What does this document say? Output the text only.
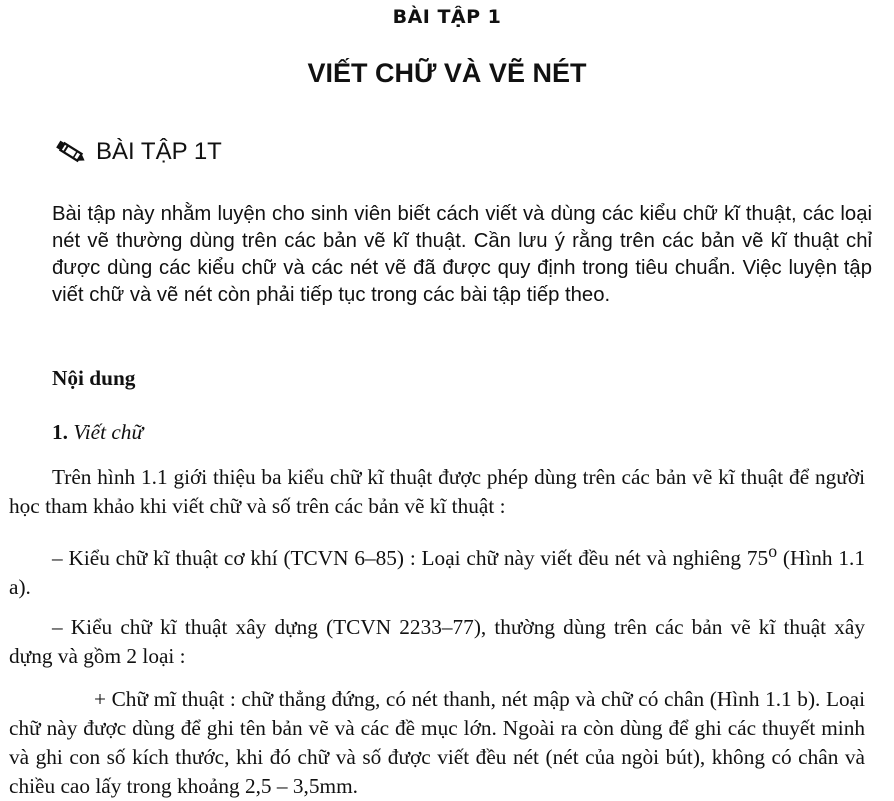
BÀI TẬP 1
VIẾT CHỮ VÀ VẼ NÉT
BÀI TẬP 1T

Bài tập này nhằm luyện cho sinh viên biết cách viết và dùng các kiểu chữ kĩ thuật, các loại nét vẽ thường dùng trên các bản vẽ kĩ thuật. Cần lưu ý rằng trên các bản vẽ kĩ thuật chỉ được dùng các kiểu chữ và các nét vẽ đã được quy định trong tiêu chuẩn. Việc luyện tập viết chữ và vẽ nét còn phải tiếp tục trong các bài tập tiếp theo.

Nội dung
1. Viết chữ

Trên hình 1.1 giới thiệu ba kiểu chữ kĩ thuật được phép dùng trên các bản vẽ kĩ thuật để người học tham khảo khi viết chữ và số trên các bản vẽ kĩ thuật :

– Kiểu chữ kĩ thuật cơ khí (TCVN 6–85) : Loại chữ này viết đều nét và nghiêng 75$^o$ (Hình 1.1 a).

– Kiểu chữ kĩ thuật xây dựng (TCVN 2233–77), thường dùng trên các bản vẽ kĩ thuật xây dựng và gồm 2 loại :

+ Chữ mĩ thuật : chữ thẳng đứng, có nét thanh, nét mập và chữ có chân (Hình 1.1 b). Loại chữ này được dùng để ghi tên bản vẽ và các đề mục lớn. Ngoài ra còn dùng để ghi các thuyết minh và ghi con số kích thước, khi đó chữ và số được viết đều nét (nét của ngòi bút), không có chân và chiều cao lấy trong khoảng 2,5 – 3,5mm.
